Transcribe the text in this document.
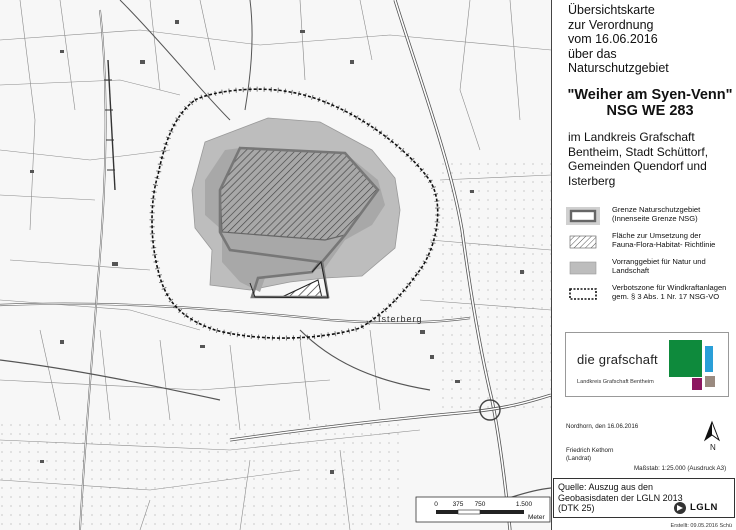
Isterberg
0 375 750	1.500
Meter
Übersichtskarte
zur Verordnung
vom 16.06.2016
über das
Naturschutzgebiet
"Weiher am Syen-Venn"
NSG WE 283
im Landkreis Grafschaft
Bentheim, Stadt Schüttorf,
Gemeinden Quendorf und
Isterberg
Grenze Naturschutzgebiet
(Innenseite Grenze NSG)
Fläche zur Umsetzung der
Fauna-Flora-Habitat- Richtlinie
Vorranggebiet für Natur und
Landschaft
Verbotszone für Windkraftanlagen
gem. § 3 Abs. 1 Nr. 17 NSG-VO
die grafschaft
Landkreis Grafschaft Bentheim
Nordhorn, den 16.06.2016
N
Friedrich Kethorn
(Landrat)
Maßstab: 1:25.000 (Ausdruck A3)
Quelle: Auszug aus den
Geobasisdaten der LGLN 2013
(DTK 25)	LGLN
Erstellt: 09.05.2016 Schü
